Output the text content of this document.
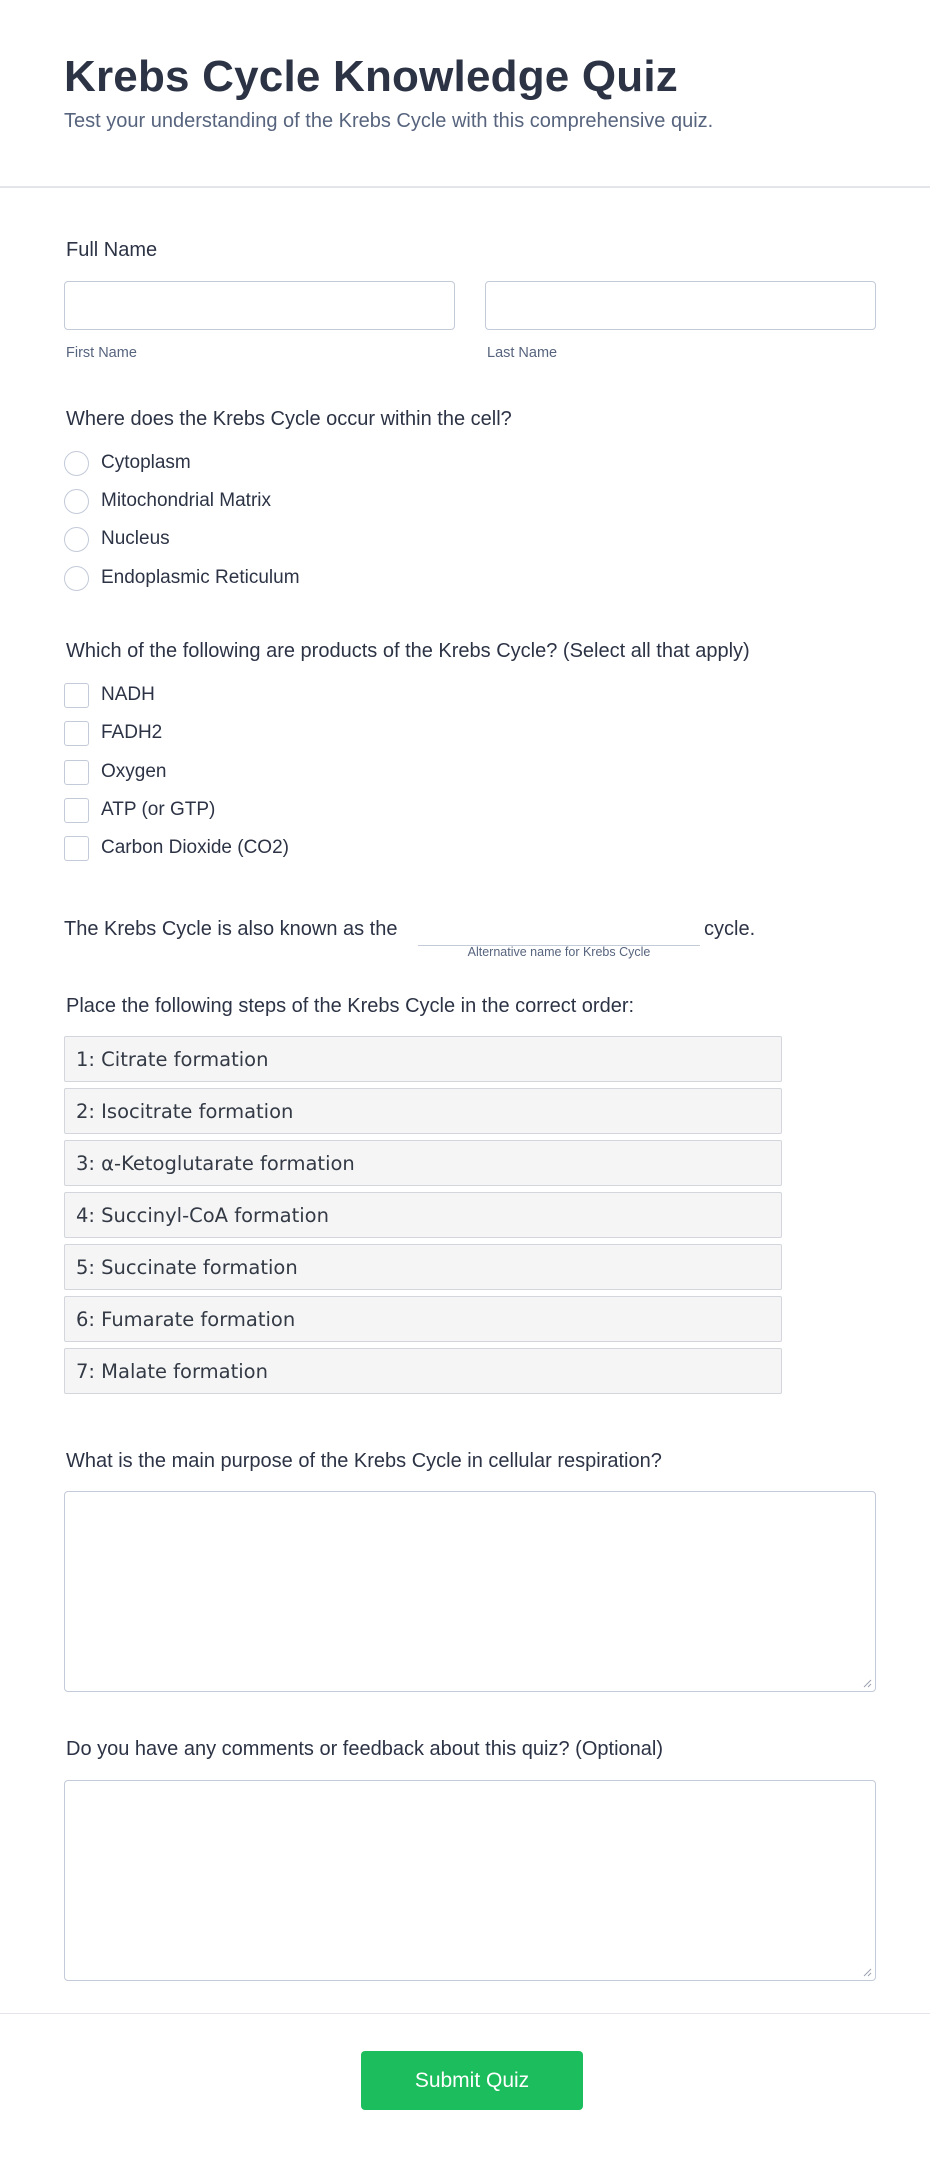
Krebs Cycle Knowledge Quiz
Test your understanding of the Krebs Cycle with this comprehensive quiz.
Full Name
First Name	Last Name
Where does the Krebs Cycle occur within the cell?
Cytoplasm
Mitochondrial Matrix
Nucleus
Endoplasmic Reticulum
Which of the following are products of the Krebs Cycle? (Select all that apply)
NADH
FADH2
Oxygen
ATP (or GTP)
Carbon Dioxide (CO2)
The Krebs Cycle is also known as the	cycle.
Alternative name for Krebs Cycle
Place the following steps of the Krebs Cycle in the correct order:
1: Citrate formation
2: Isocitrate formation
3: α-Ketoglutarate formation
4: Succinyl-CoA formation
5: Succinate formation
6: Fumarate formation
7: Malate formation
What is the main purpose of the Krebs Cycle in cellular respiration?
Do you have any comments or feedback about this quiz? (Optional)
Submit Quiz
